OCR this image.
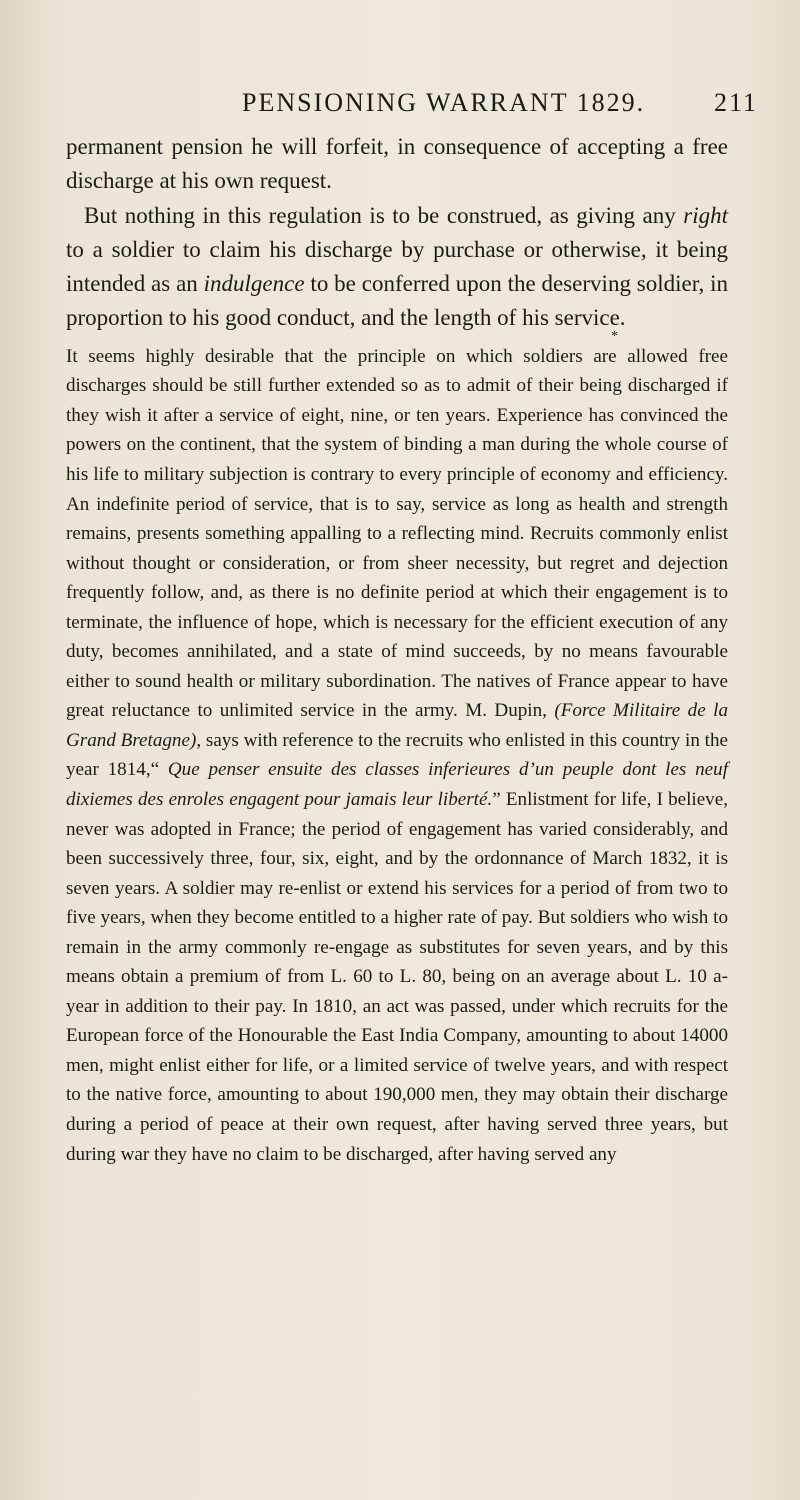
PENSIONING WARRANT 1829.	211

permanent pension he will forfeit, in consequence of accepting a free discharge at his own request.

But nothing in this regulation is to be construed, as giving any right to a soldier to claim his discharge by purchase or otherwise, it being intended as an indulgence to be conferred upon the deserving soldier, in proportion to his good conduct, and the length of his service.

*

It seems highly desirable that the principle on which soldiers are allowed free discharges should be still further extended so as to admit of their being discharged if they wish it after a service of eight, nine, or ten years. Experience has convinced the powers on the continent, that the system of binding a man during the whole course of his life to military subjection is contrary to every principle of economy and efficiency. An indefinite period of service, that is to say, service as long as health and strength remains, presents something appalling to a reflecting mind. Recruits commonly enlist without thought or consideration, or from sheer necessity, but regret and dejection frequently follow, and, as there is no definite period at which their engagement is to terminate, the influence of hope, which is necessary for the efficient execution of any duty, becomes annihilated, and a state of mind succeeds, by no means favourable either to sound health or military subordination. The natives of France appear to have great reluctance to unlimited service in the army. M. Dupin, (Force Militaire de la Grand Bretagne), says with reference to the recruits who enlisted in this country in the year 1814,“ Que penser ensuite des classes inferieures d’un peuple dont les neuf dixiemes des enroles engagent pour jamais leur liberté.” Enlistment for life, I believe, never was adopted in France; the period of engagement has varied considerably, and been successively three, four, six, eight, and by the ordonnance of March 1832, it is seven years. A soldier may re-enlist or extend his services for a period of from two to five years, when they become entitled to a higher rate of pay. But soldiers who wish to remain in the army commonly re-engage as substitutes for seven years, and by this means obtain a premium of from L. 60 to L. 80, being on an average about L. 10 a-year in addition to their pay. In 1810, an act was passed, under which recruits for the European force of the Honourable the East India Company, amounting to about 14000 men, might enlist either for life, or a limited service of twelve years, and with respect to the native force, amounting to about 190,000 men, they may obtain their discharge during a period of peace at their own request, after having served three years, but during war they have no claim to be discharged, after having served any
